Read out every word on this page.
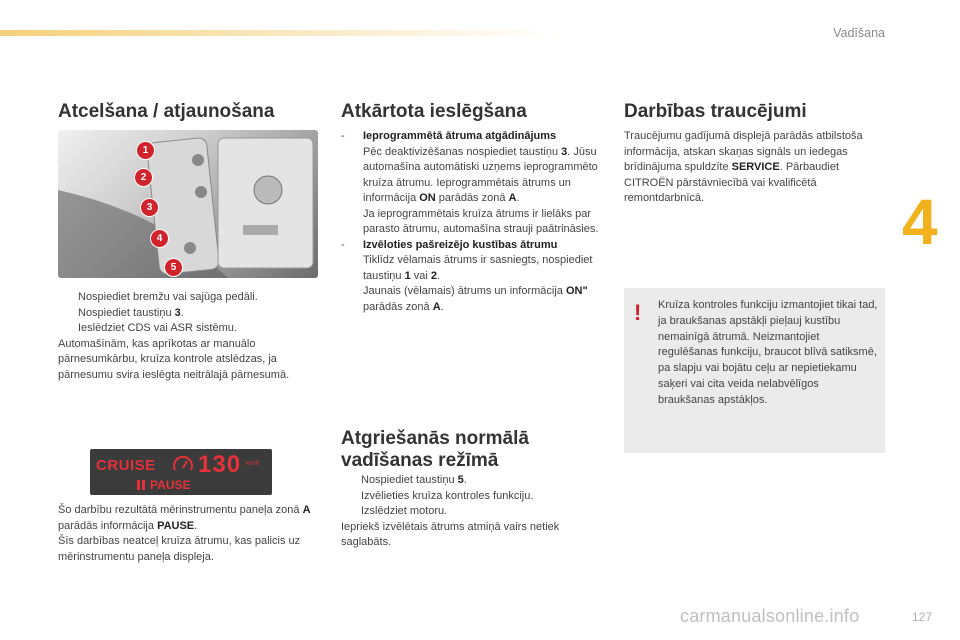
Vadīšana
4
carmanualsonline.info	127
Atcelšana / atjaunošana
1
2
3
4
5
Nospiediet bremžu vai sajūga pedāli.
Nospiediet taustiņu 3.
Ieslēdziet CDS vai ASR sistēmu.

Automašīnām, kas aprīkotas ar manuālo pārnesumkārbu, kruīza kontrole atslēdzas, ja pārnesumu svira ieslēgta neitrālajā pārnesumā.

CRUISE 130 km/h
PAUSE

Šo darbību rezultātā mērinstrumentu paneļa zonā A parādās informācija PAUSE.

Šīs darbības neatceļ kruīza ātrumu, kas palicis uz mērinstrumentu paneļa displeja.

Atkārtota ieslēgšana
-	Ieprogrammētā ātruma atgādinājums
Pēc deaktivizēšanas nospiediet taustiņu 3. Jūsu automašīna automātiski uzņems ieprogrammēto kruīza ātrumu. Ieprogrammētais ātrums un informācija ON parādās zonā A.
Ja ieprogrammētais kruīza ātrums ir lielāks par parasto ātrumu, automašīna strauji paātrināsies.
-	Izvēloties pašreizējo kustības ātrumu
Tiklīdz vēlamais ātrums ir sasniegts, nospiediet taustiņu 1 vai 2.
Jaunais (vēlamais) ātrums un informācija ON" parādās zonā A.
Atgriešanās normālā
vadīšanas režīmā
Nospiediet taustiņu 5.
Izvēlieties kruīza kontroles funkciju.
Izslēdziet motoru.

Iepriekš izvēlētais ātrums atmiņā vairs netiek saglabāts.

Darbības traucējumi

Traucējumu gadījumā displejā parādās atbilstoša informācija, atskan skaņas signāls un iedegas brīdinājuma spuldzīte SERVICE. Pārbaudiet CITROËN pārstāvniecībā vai kvalificētā remontdarbnīcā.

! Kruīza kontroles funkciju izmantojiet tikai tad, ja braukšanas apstākļi pieļauj kustību nemainīgā ātrumā. Neizmantojiet regulēšanas funkciju, braucot blīvā satiksmē, pa slapju vai bojātu ceļu ar nepietiekamu saķeri vai cita veida nelabvēlīgos braukšanas apstākļos.
